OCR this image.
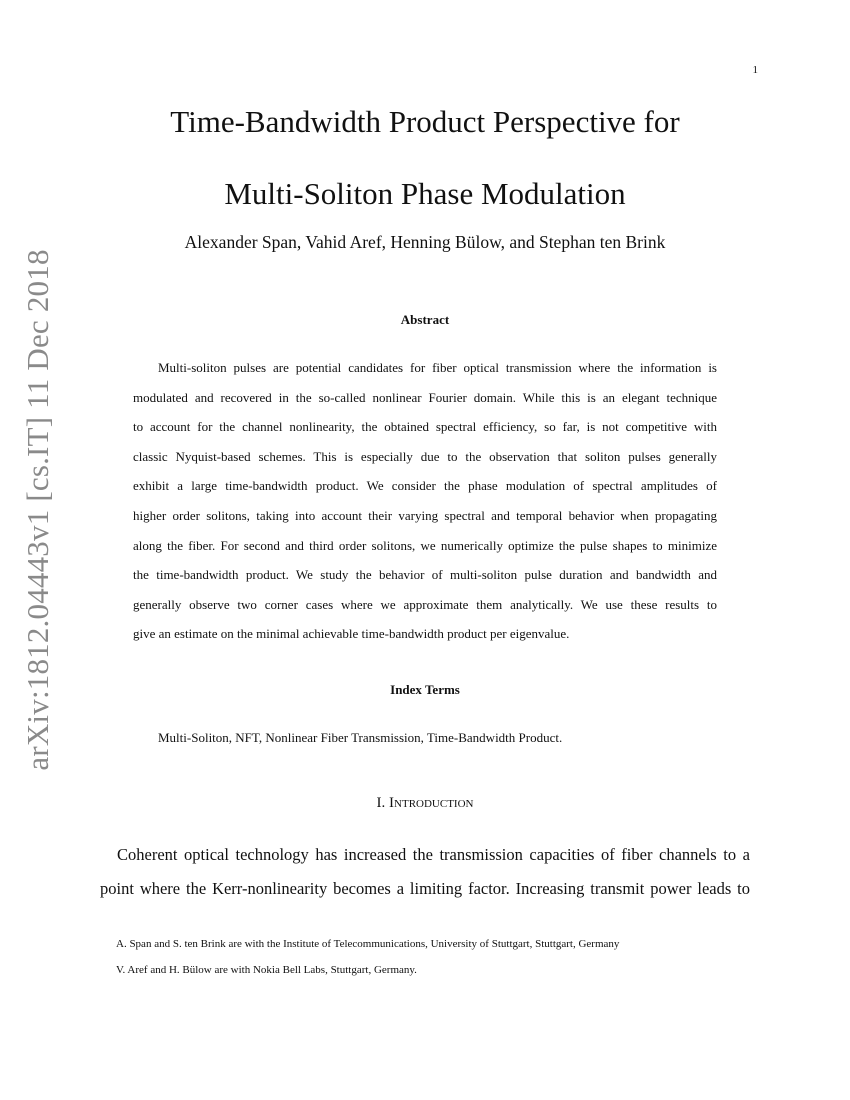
1
arXiv:1812.04443v1 [cs.IT] 11 Dec 2018
Time-Bandwidth Product Perspective for
Multi-Soliton Phase Modulation
Alexander Span, Vahid Aref, Henning Bülow, and Stephan ten Brink
Abstract
Multi-soliton pulses are potential candidates for fiber optical transmission where the information is
modulated and recovered in the so-called nonlinear Fourier domain. While this is an elegant technique
to account for the channel nonlinearity, the obtained spectral efficiency, so far, is not competitive with
classic Nyquist-based schemes. This is especially due to the observation that soliton pulses generally
exhibit a large time-bandwidth product. We consider the phase modulation of spectral amplitudes of
higher order solitons, taking into account their varying spectral and temporal behavior when propagating
along the fiber. For second and third order solitons, we numerically optimize the pulse shapes to minimize
the time-bandwidth product. We study the behavior of multi-soliton pulse duration and bandwidth and
generally observe two corner cases where we approximate them analytically. We use these results to
give an estimate on the minimal achievable time-bandwidth product per eigenvalue.
Index Terms
Multi-Soliton, NFT, Nonlinear Fiber Transmission, Time-Bandwidth Product.
I. Introduction
Coherent optical technology has increased the transmission capacities of fiber channels to a
point where the Kerr-nonlinearity becomes a limiting factor. Increasing transmit power leads to
A. Span and S. ten Brink are with the Institute of Telecommunications, University of Stuttgart, Stuttgart, Germany
V. Aref and H. Bülow are with Nokia Bell Labs, Stuttgart, Germany.
